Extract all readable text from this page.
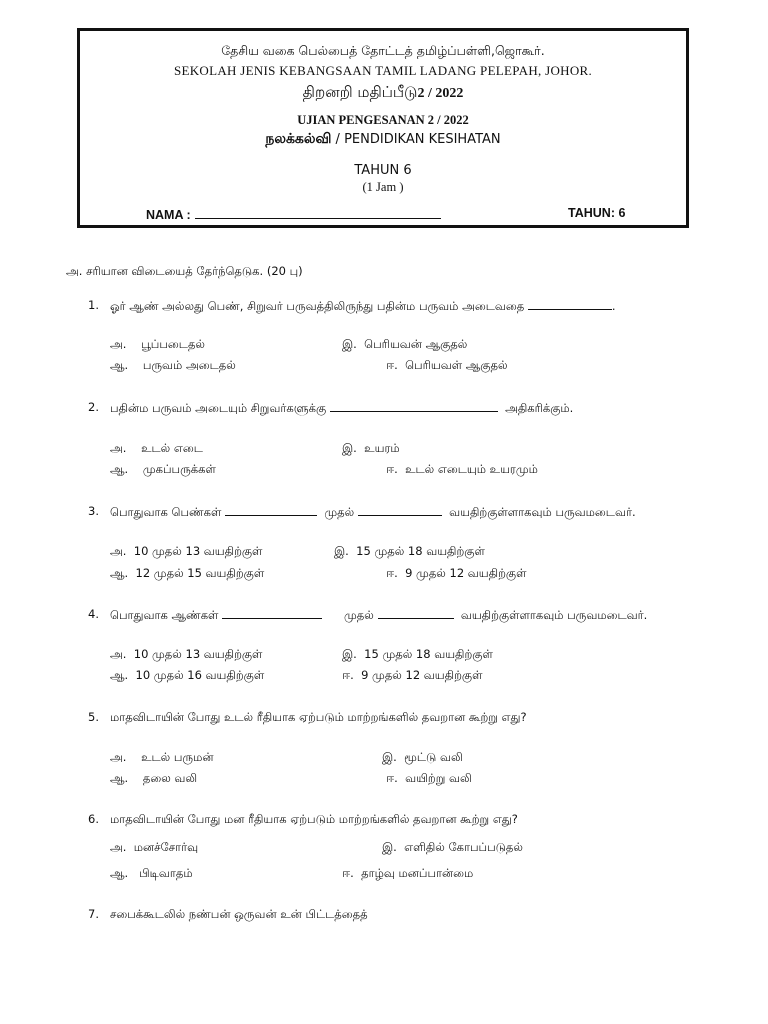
தேசிய வகை பெல்பைத் தோட்டத் தமிழ்ப்பள்ளி,ஜொகூர்.
SEKOLAH JENIS KEBANGSAAN TAMIL LADANG PELEPAH, JOHOR.
திறனறி மதிப்பீடு2 / 2022
UJIAN PENGESANAN 2 / 2022
நலக்கல்வி / PENDIDIKAN KESIHATAN
TAHUN 6
(1 Jam )
NAMA :	TAHUN: 6
அ. சரியான விடையைத் தேர்ந்தெடுக. (20 பு)
1. ஓர் ஆண் அல்லது பெண், சிறுவர் பருவத்திலிருந்து பதின்ம பருவம் அடைவதை	.
அ. பூப்படைதல்	இ. பெரியவன் ஆகுதல்
ஆ. பருவம் அடைதல்	ஈ. பெரியவள் ஆகுதல்
2. பதின்ம பருவம் அடையும் சிறுவர்களுக்கு	அதிகரிக்கும்.
அ. உடல் எடை	இ. உயரம்
ஆ. முகப்பருக்கள்	ஈ. உடல் எடையும் உயரமும்
3. பொதுவாக பெண்கள்	முதல்	வயதிற்குள்ளாகவும் பருவமடைவர்.
அ. 10 முதல் 13 வயதிற்குள்	இ. 15 முதல் 18 வயதிற்குள்
ஆ. 12 முதல் 15 வயதிற்குள்	ஈ. 9 முதல் 12 வயதிற்குள்
4. பொதுவாக ஆண்கள்	முதல்	வயதிற்குள்ளாகவும் பருவமடைவர்.
அ. 10 முதல் 13 வயதிற்குள்	இ. 15 முதல் 18 வயதிற்குள்
ஆ. 10 முதல் 16 வயதிற்குள்	ஈ. 9 முதல் 12 வயதிற்குள்
5. மாதவிடாயின் போது உடல் ரீதியாக ஏற்படும் மாற்றங்களில் தவறான கூற்று எது?
அ. உடல் பருமன்	இ. மூட்டு வலி
ஆ. தலை வலி	ஈ. வயிற்று வலி
6. மாதவிடாயின் போது மன ரீதியாக ஏற்படும் மாற்றங்களில் தவறான கூற்று எது?
அ. மனச்சோர்வு	இ. எளிதில் கோபப்படுதல்
ஆ. பிடிவாதம்	ஈ. தாழ்வு மனப்பான்மை
7. சபைக்கூடலில் நண்பன் ஒருவன் உன் பிட்டத்தைத்
